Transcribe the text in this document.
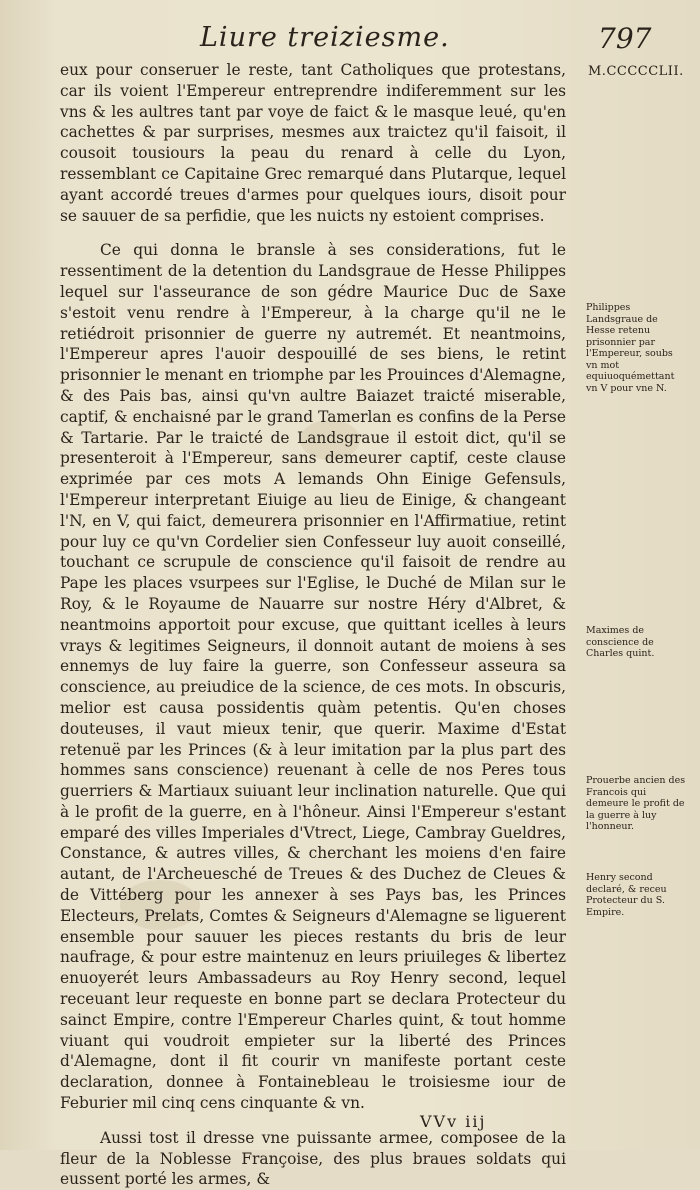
Liure treiziesme.	797
M.CCCCCLII.

eux pour conseruer le reste, tant Catholiques que protestans, car ils voient l'Empereur entreprendre indiferemment sur les vns & les aultres tant par voye de faict & le masque leué, qu'en cachettes & par surprises, mesmes aux traictez qu'il faisoit, il cousoit tousiours la peau du renard à celle du Lyon, ressemblant ce Capitaine Grec remarqué dans Plutarque, lequel ayant accordé treues d'armes pour quelques iours, disoit pour se sauuer de sa perfidie, que les nuicts ny estoient comprises.

Ce qui donna le bransle à ses considerations, fut le ressentiment de la detention du Landsgraue de Hesse Philippes lequel sur l'asseurance de son gédre Maurice Duc de Saxe s'estoit venu rendre à l'Empereur, à la charge qu'il ne le retiédroit prisonnier de guerre ny autremét. Et neantmoins, l'Empereur apres l'auoir despouillé de ses biens, le retint prisonnier le menant en triomphe par les Prouinces d'Alemagne, & des Pais bas, ainsi qu'vn aultre Baiazet traicté miserable, captif, & enchaisné par le grand Tamerlan es confins de la Perse & Tartarie. Par le traicté de Landsgraue il estoit dict, qu'il se presenteroit à l'Empereur, sans demeurer captif, ceste clause exprimée par ces mots A lemands Ohn Einige Gefensuls, l'Empereur interpretant Eiuige au lieu de Einige, & changeant l'N, en V, qui faict, demeurera prisonnier en l'Affirmatiue, retint pour luy ce qu'vn Cordelier sien Confesseur luy auoit conseillé, touchant ce scrupule de conscience qu'il faisoit de rendre au Pape les places vsurpees sur l'Eglise, le Duché de Milan sur le Roy, & le Royaume de Nauarre sur nostre Héry d'Albret, & neantmoins apportoit pour excuse, que quittant icelles à leurs vrays & legitimes Seigneurs, il donnoit autant de moiens à ses ennemys de luy faire la guerre, son Confesseur asseura sa conscience, au preiudice de la science, de ces mots. In obscuris, melior est causa possidentis quàm petentis. Qu'en choses douteuses, il vaut mieux tenir, que querir. Maxime d'Estat retenuë par les Princes (& à leur imitation par la plus part des hommes sans conscience) reuenant à celle de nos Peres tous guerriers & Martiaux suiuant leur inclination naturelle. Que qui à le profit de la guerre, en à l'hôneur. Ainsi l'Empereur s'estant emparé des villes Imperiales d'Vtrect, Liege, Cambray Gueldres, Constance, & autres villes, & cherchant les moiens d'en faire autant, de l'Archeuesché de Treues & des Duchez de Cleues & de Vittéberg pour les annexer à ses Pays bas, les Princes Electeurs, Prelats, Comtes & Seigneurs d'Alemagne se liguerent ensemble pour sauuer les pieces restants du bris de leur naufrage, & pour estre maintenuz en leurs priuileges & libertez enuoyerét leurs Ambassadeurs au Roy Henry second, lequel receuant leur requeste en bonne part se declara Protecteur du sainct Empire, contre l'Empereur Charles quint, & tout homme viuant qui voudroit empieter sur la liberté des Princes d'Alemagne, dont il fit courir vn manifeste portant ceste declaration, donnee à Fontainebleau le troisiesme iour de Feburier mil cinq cens cinquante & vn.

Aussi tost il dresse vne puissante armee, composee de la fleur de la Noblesse Françoise, des plus braues soldats qui eussent porté les armes, &

Philippes Landsgraue de Hesse retenu prisonnier par l'Empereur, soubs vn mot equiuoquémettant vn V pour vne N.
Maximes de conscience de Charles quint.
Prouerbe ancien des Francois qui demeure le profit de la guerre à luy l'honneur.
Henry second declaré, & receu Protecteur du S. Empire.
VVv iij
